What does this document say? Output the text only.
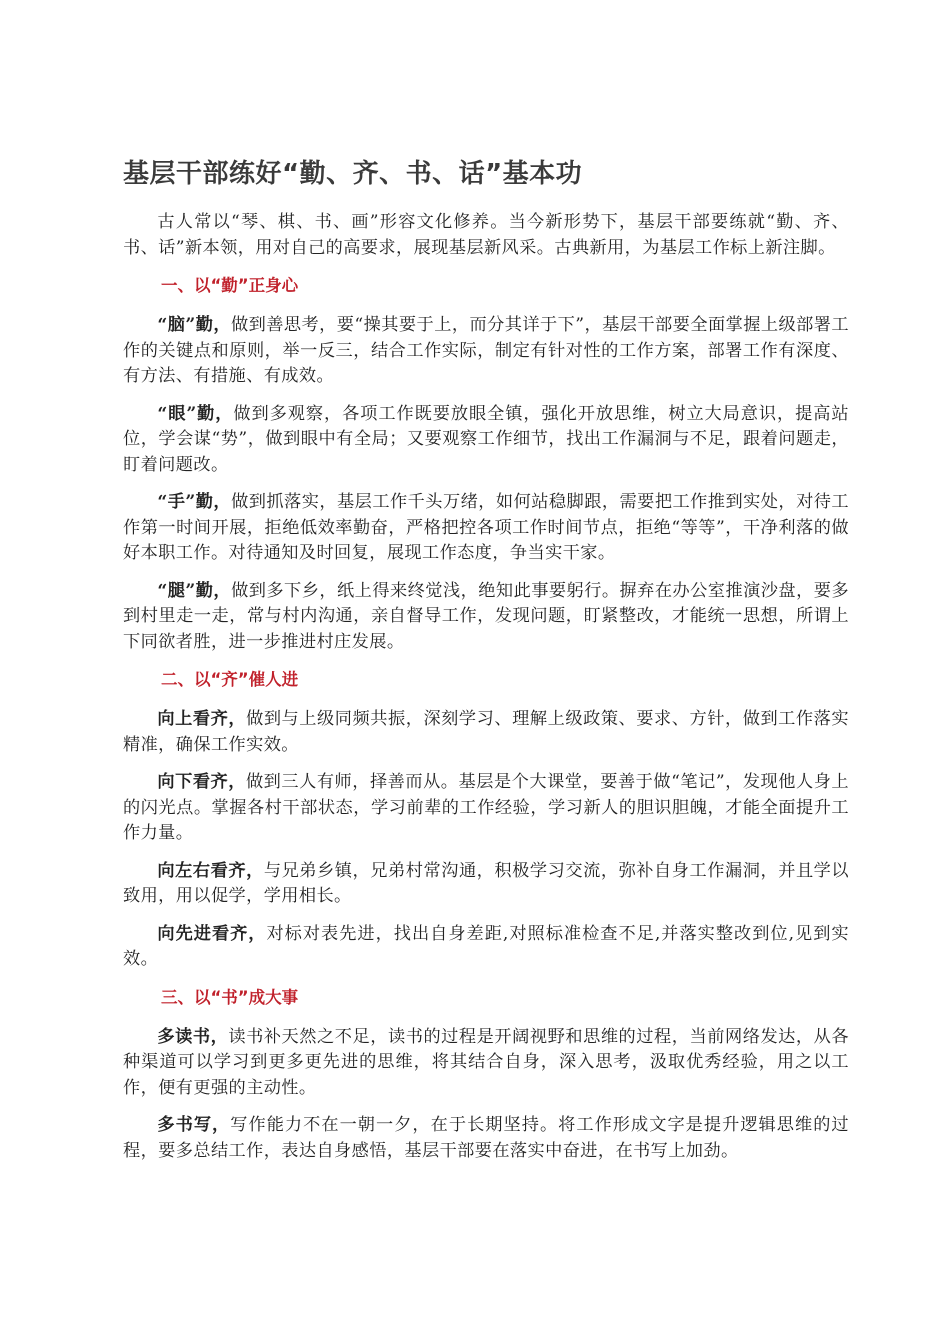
基层干部练好“勤、齐、书、话”基本功

古人常以“琴、棋、书、画”形容文化修养。当今新形势下，基层干部要练就“勤、齐、书、话”新本领，用对自己的高要求，展现基层新风采。古典新用，为基层工作标上新注脚。

一、以“勤”正身心

“脑”勤，做到善思考，要“操其要于上，而分其详于下”，基层干部要全面掌握上级部署工作的关键点和原则，举一反三，结合工作实际，制定有针对性的工作方案，部署工作有深度、有方法、有措施、有成效。

“眼”勤，做到多观察，各项工作既要放眼全镇，强化开放思维，树立大局意识，提高站位，学会谋“势”，做到眼中有全局；又要观察工作细节，找出工作漏洞与不足，跟着问题走，盯着问题改。

“手”勤，做到抓落实，基层工作千头万绪，如何站稳脚跟，需要把工作推到实处，对待工作第一时间开展，拒绝低效率勤奋，严格把控各项工作时间节点，拒绝“等等”，干净利落的做好本职工作。对待通知及时回复，展现工作态度，争当实干家。

“腿”勤，做到多下乡，纸上得来终觉浅，绝知此事要躬行。摒弃在办公室推演沙盘，要多到村里走一走，常与村内沟通，亲自督导工作，发现问题，盯紧整改，才能统一思想，所谓上下同欲者胜，进一步推进村庄发展。

二、以“齐”催人进

向上看齐，做到与上级同频共振，深刻学习、理解上级政策、要求、方针，做到工作落实精准，确保工作实效。

向下看齐，做到三人有师，择善而从。基层是个大课堂，要善于做“笔记”，发现他人身上的闪光点。掌握各村干部状态，学习前辈的工作经验，学习新人的胆识胆魄，才能全面提升工作力量。

向左右看齐，与兄弟乡镇，兄弟村常沟通，积极学习交流，弥补自身工作漏洞，并且学以致用，用以促学，学用相长。

向先进看齐，对标对表先进，找出自身差距,对照标准检查不足,并落实整改到位,见到实效。

三、以“书”成大事

多读书，读书补天然之不足，读书的过程是开阔视野和思维的过程，当前网络发达，从各种渠道可以学习到更多更先进的思维，将其结合自身，深入思考，汲取优秀经验，用之以工作，便有更强的主动性。

多书写，写作能力不在一朝一夕，在于长期坚持。将工作形成文字是提升逻辑思维的过程，要多总结工作，表达自身感悟，基层干部要在落实中奋进，在书写上加劲。
